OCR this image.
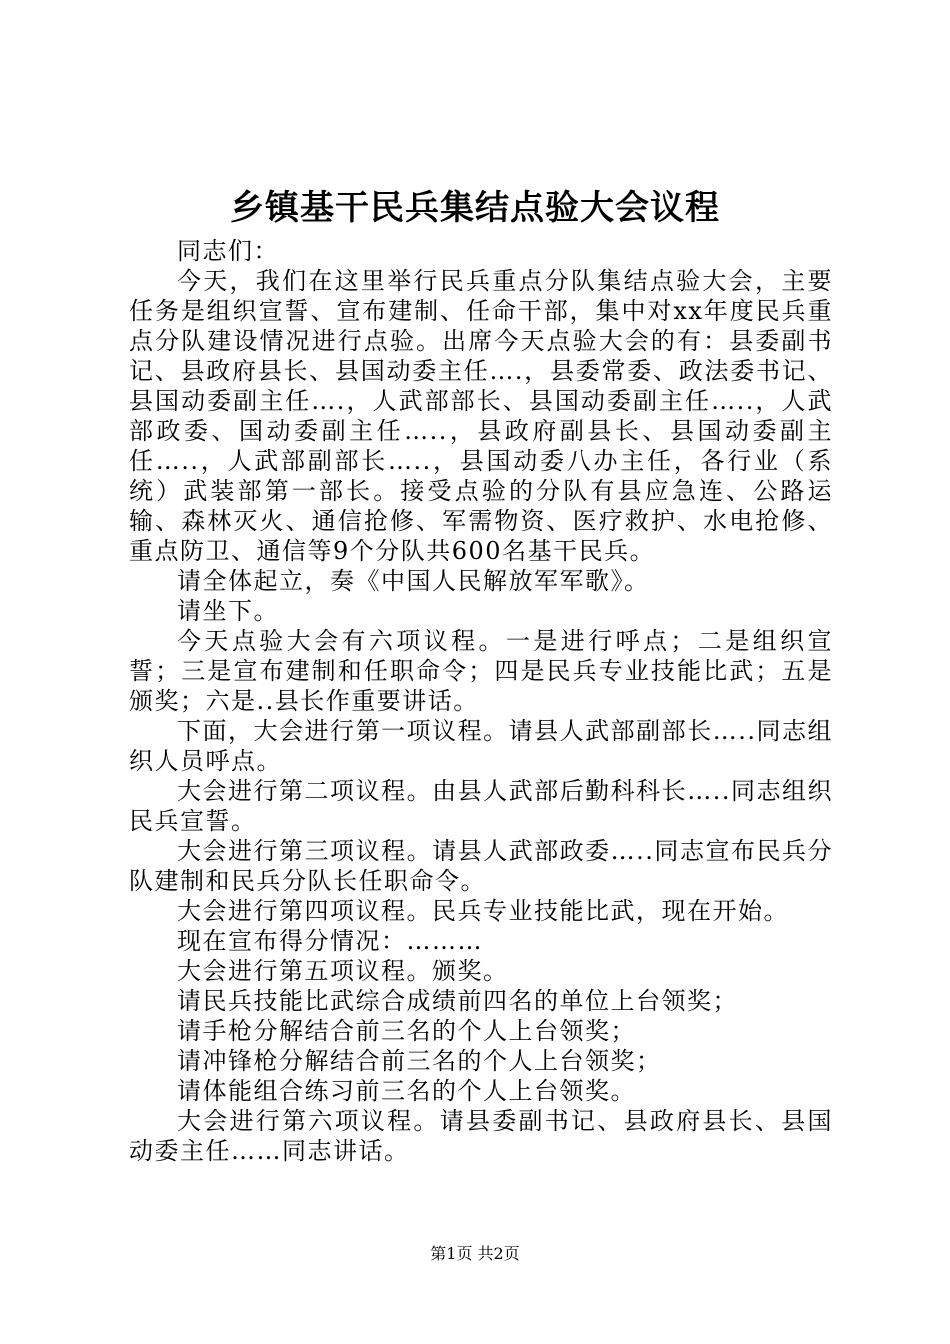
乡镇基干民兵集结点验大会议程

同志们：

今天，我们在这里举行民兵重点分队集结点验大会，主要任务是组织宣誓、宣布建制、任命干部，集中对xx年度民兵重点分队建设情况进行点验。出席今天点验大会的有：县委副书记、县政府县长、县国动委主任….，县委常委、政法委书记、县国动委副主任….，人武部部长、县国动委副主任…..，人武部政委、国动委副主任…..，县政府副县长、县国动委副主任…..，人武部副部长…..，县国动委八办主任，各行业（系统）武装部第一部长。接受点验的分队有县应急连、公路运输、森林灭火、通信抢修、军需物资、医疗救护、水电抢修、重点防卫、通信等9个分队共600名基干民兵。

请全体起立，奏《中国人民解放军军歌》。

请坐下。

今天点验大会有六项议程。一是进行呼点；二是组织宣誓；三是宣布建制和任职命令；四是民兵专业技能比武；五是颁奖；六是..县长作重要讲话。

下面，大会进行第一项议程。请县人武部副部长…..同志组织人员呼点。

大会进行第二项议程。由县人武部后勤科科长…..同志组织民兵宣誓。

大会进行第三项议程。请县人武部政委…..同志宣布民兵分队建制和民兵分队长任职命令。

大会进行第四项议程。民兵专业技能比武，现在开始。

现在宣布得分情况：………

大会进行第五项议程。颁奖。

请民兵技能比武综合成绩前四名的单位上台领奖；

请手枪分解结合前三名的个人上台领奖；

请冲锋枪分解结合前三名的个人上台领奖；

请体能组合练习前三名的个人上台领奖。

大会进行第六项议程。请县委副书记、县政府县长、县国动委主任……同志讲话。

第1页 共2页
